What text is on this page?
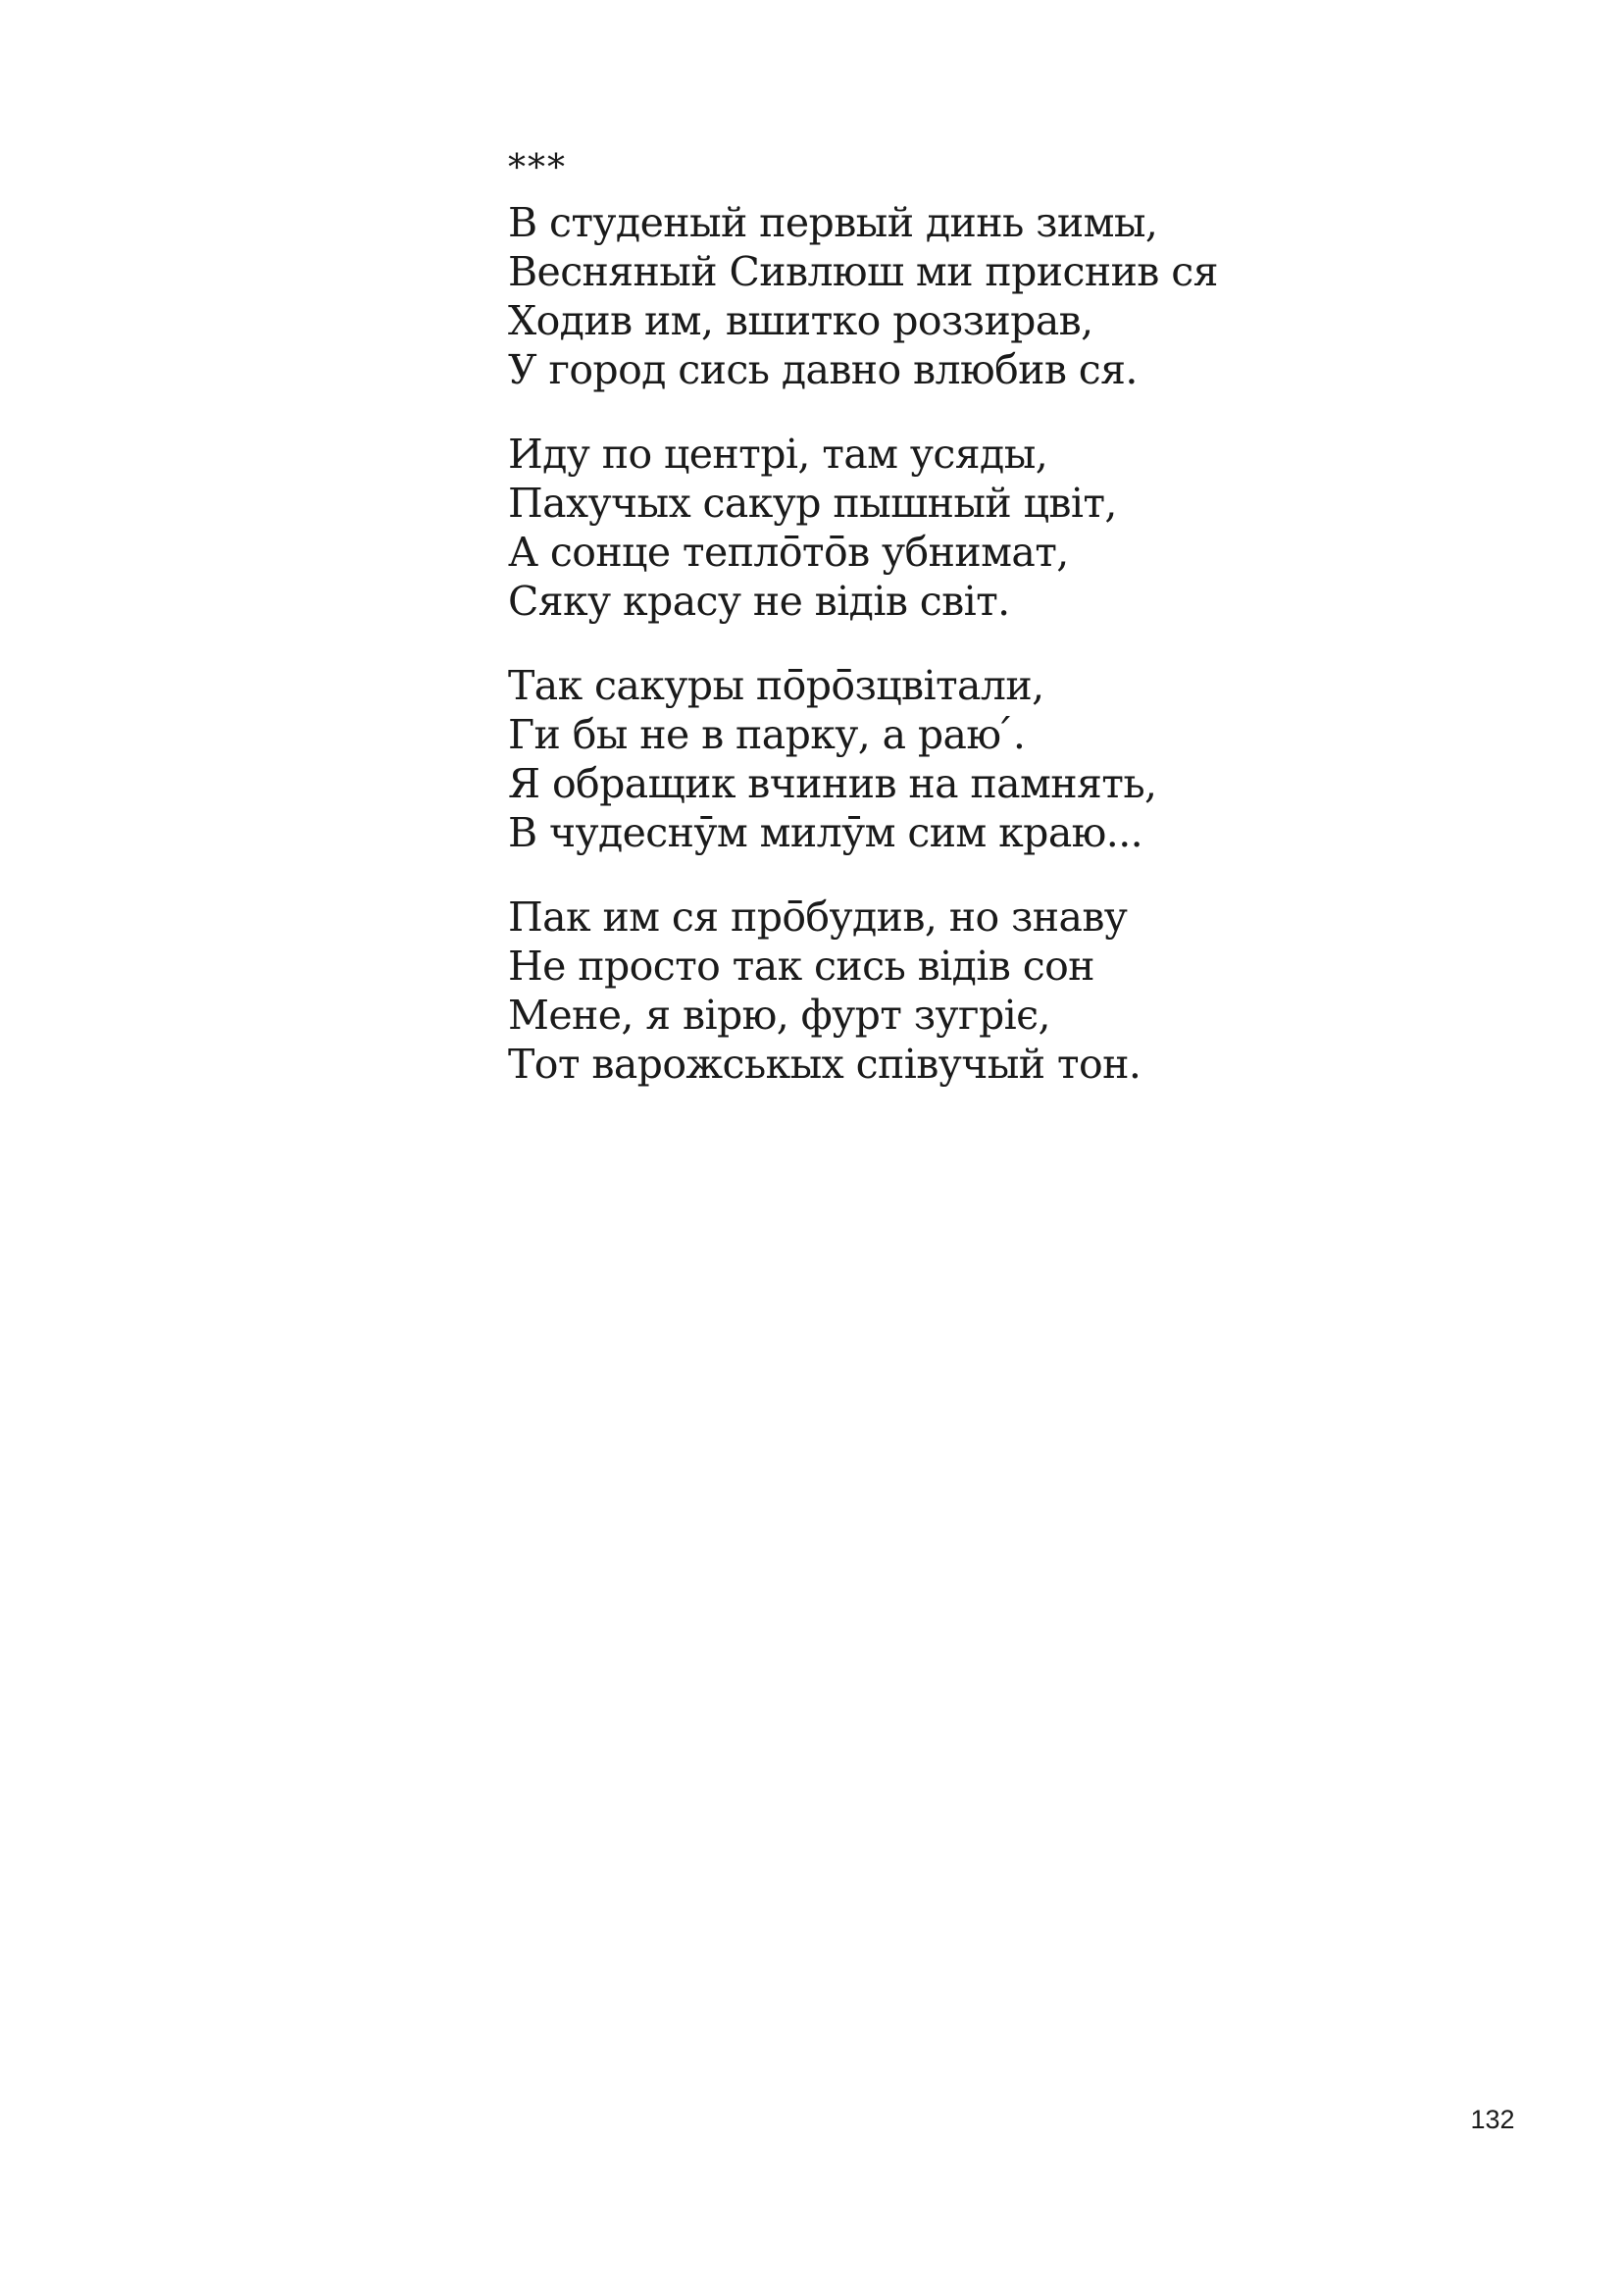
***
В студеный первый динь зимы,
Весняный Сивлюш ми приснив ся
Ходив им, вшитко роззирав,
У город сись давно влюбив ся.
Иду по центрі, там усяды,
Пахучых сакур пышный цвіт,
А сонце теплō̄тō̄в убнимат,
Сяку красу не відів світ.
Так сакуры пō̄рō̄зцвітали,
Ги бы не в парку, а раю ́.
Я обращик вчинив на памнять,
В чудеснӯм милӯм сим краю...
Пак им ся прō̄будив, но знаву
Не просто так сись відів сон
Мене, я вірю, фурт зугріє,
Тот варожськых співучый тон.
132
